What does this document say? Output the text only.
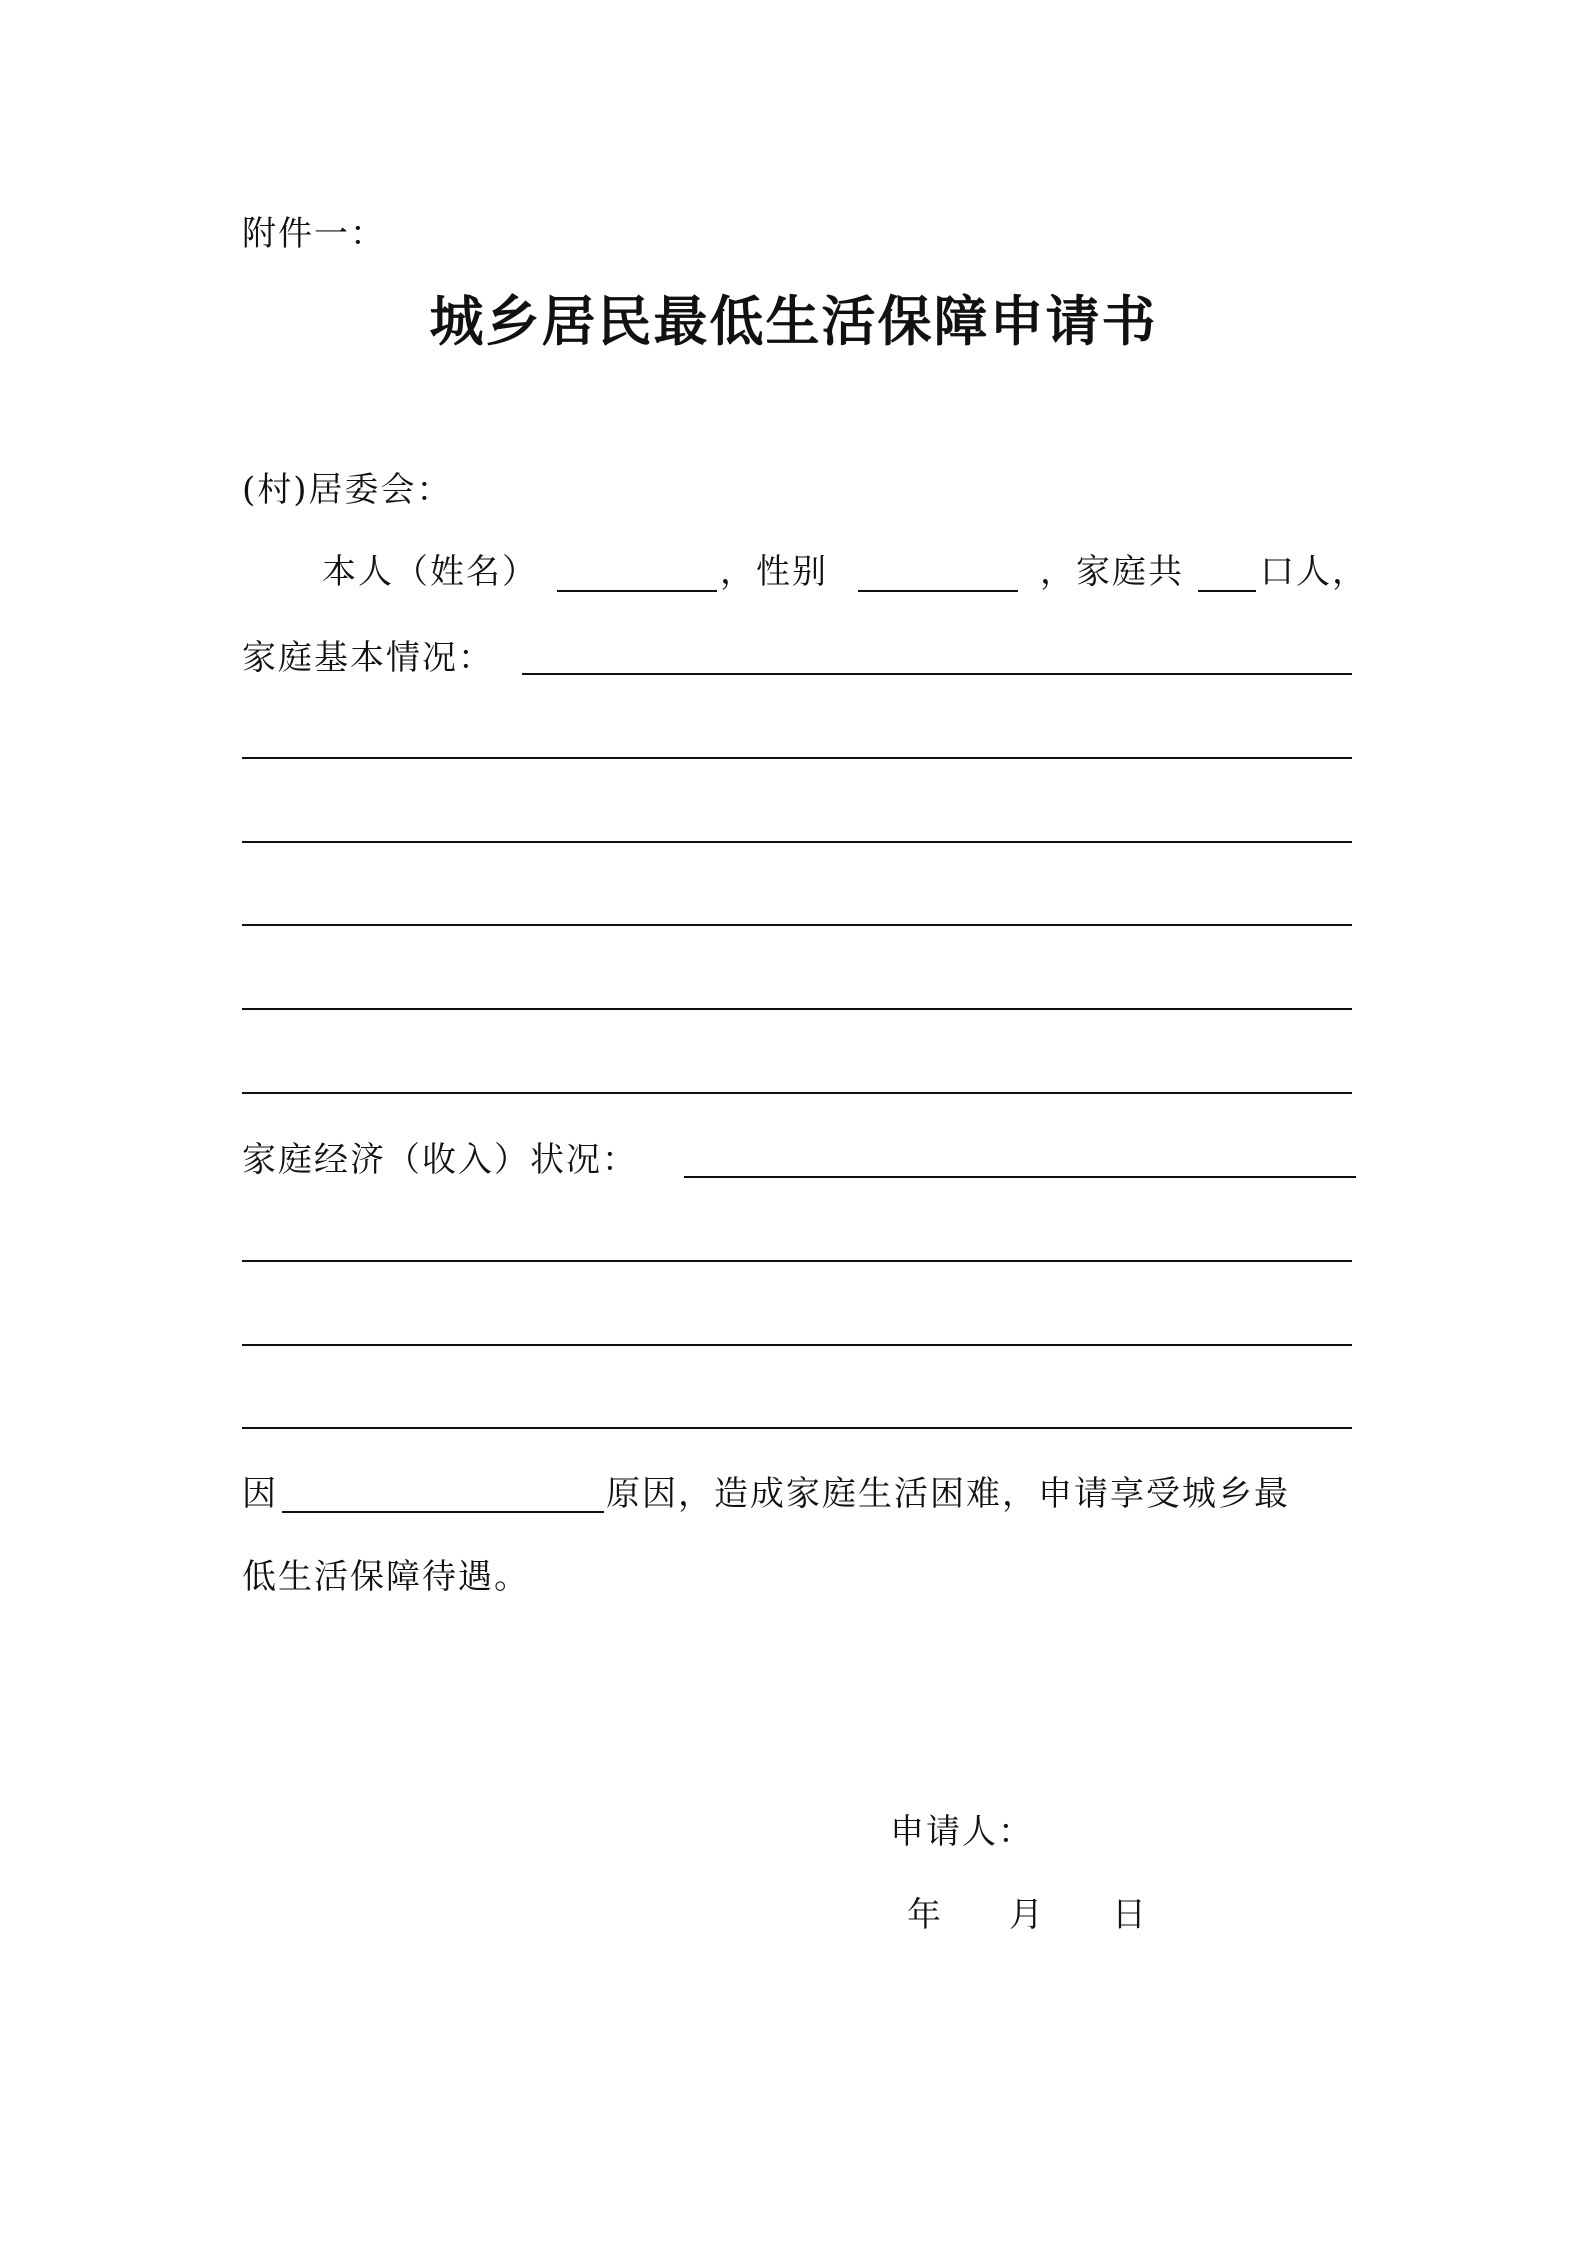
附件一：
城乡居民最低生活保障申请书
(村)居委会：
本人（姓名）	，性别	，家庭共 口人，
家庭基本情况：
家庭经济（收入）状况：
因	原因，造成家庭生活困难，申请享受城乡最
低生活保障待遇。
申请人：
年 月 日
